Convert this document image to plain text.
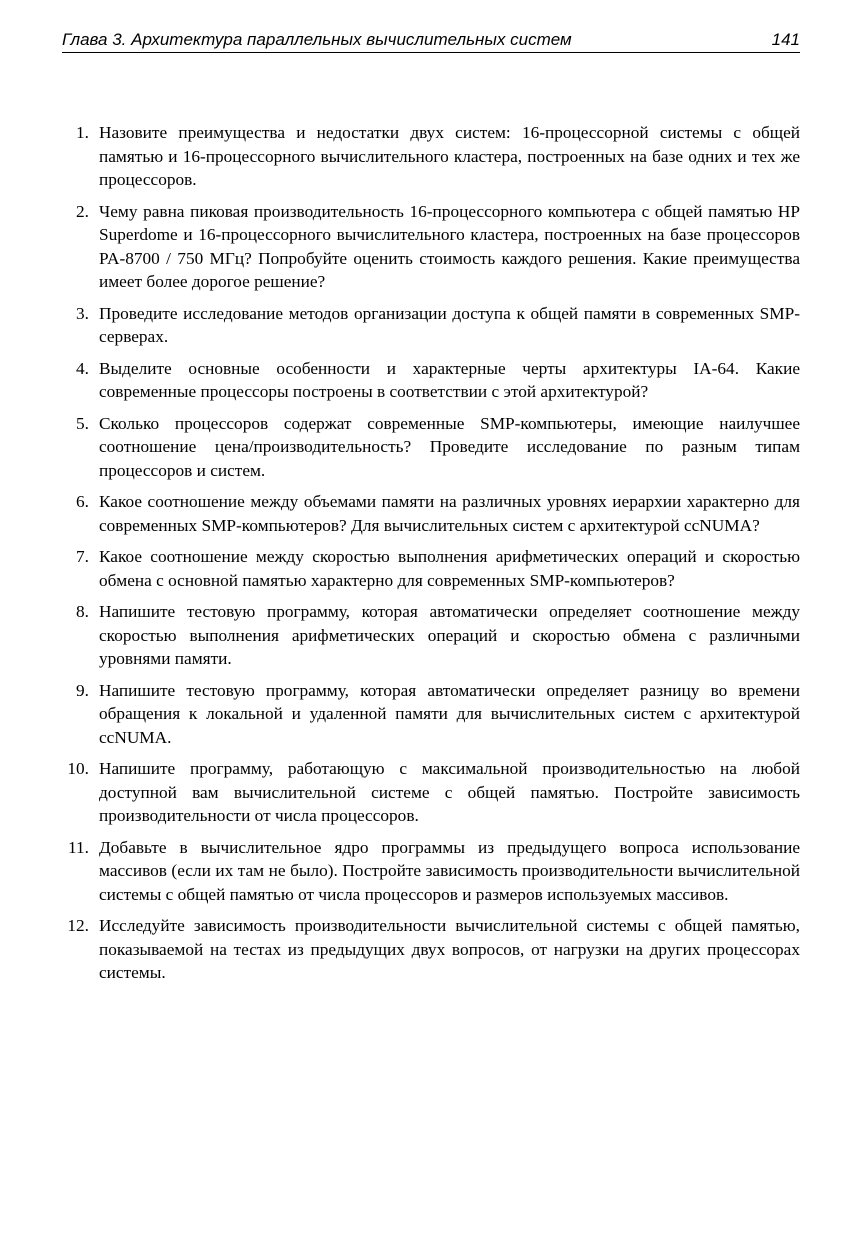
Глава 3. Архитектура параллельных вычислительных систем	141
1. Назовите преимущества и недостатки двух систем: 16-процессорной системы с общей памятью и 16-процессорного вычислительного кластера, построенных на базе одних и тех же процессоров.
2. Чему равна пиковая производительность 16-процессорного компьютера с общей памятью HP Superdome и 16-процессорного вычислительного кластера, построенных на базе процессоров PA-8700 / 750 МГц? Попробуйте оценить стоимость каждого решения. Какие преимущества имеет более дорогое решение?
3. Проведите исследование методов организации доступа к общей памяти в современных SMP-серверах.
4. Выделите основные особенности и характерные черты архитектуры IA-64. Какие современные процессоры построены в соответствии с этой архитектурой?
5. Сколько процессоров содержат современные SMP-компьютеры, имеющие наилучшее соотношение цена/производительность? Проведите исследование по разным типам процессоров и систем.
6. Какое соотношение между объемами памяти на различных уровнях иерархии характерно для современных SMP-компьютеров? Для вычислительных систем с архитектурой ccNUMA?
7. Какое соотношение между скоростью выполнения арифметических операций и скоростью обмена с основной памятью характерно для современных SMP-компьютеров?
8. Напишите тестовую программу, которая автоматически определяет соотношение между скоростью выполнения арифметических операций и скоростью обмена с различными уровнями памяти.
9. Напишите тестовую программу, которая автоматически определяет разницу во времени обращения к локальной и удаленной памяти для вычислительных систем с архитектурой ccNUMA.
10. Напишите программу, работающую с максимальной производительностью на любой доступной вам вычислительной системе с общей памятью. Постройте зависимость производительности от числа процессоров.
11. Добавьте в вычислительное ядро программы из предыдущего вопроса использование массивов (если их там не было). Постройте зависимость производительности вычислительной системы с общей памятью от числа процессоров и размеров используемых массивов.
12. Исследуйте зависимость производительности вычислительной системы с общей памятью, показываемой на тестах из предыдущих двух вопросов, от нагрузки на других процессорах системы.
